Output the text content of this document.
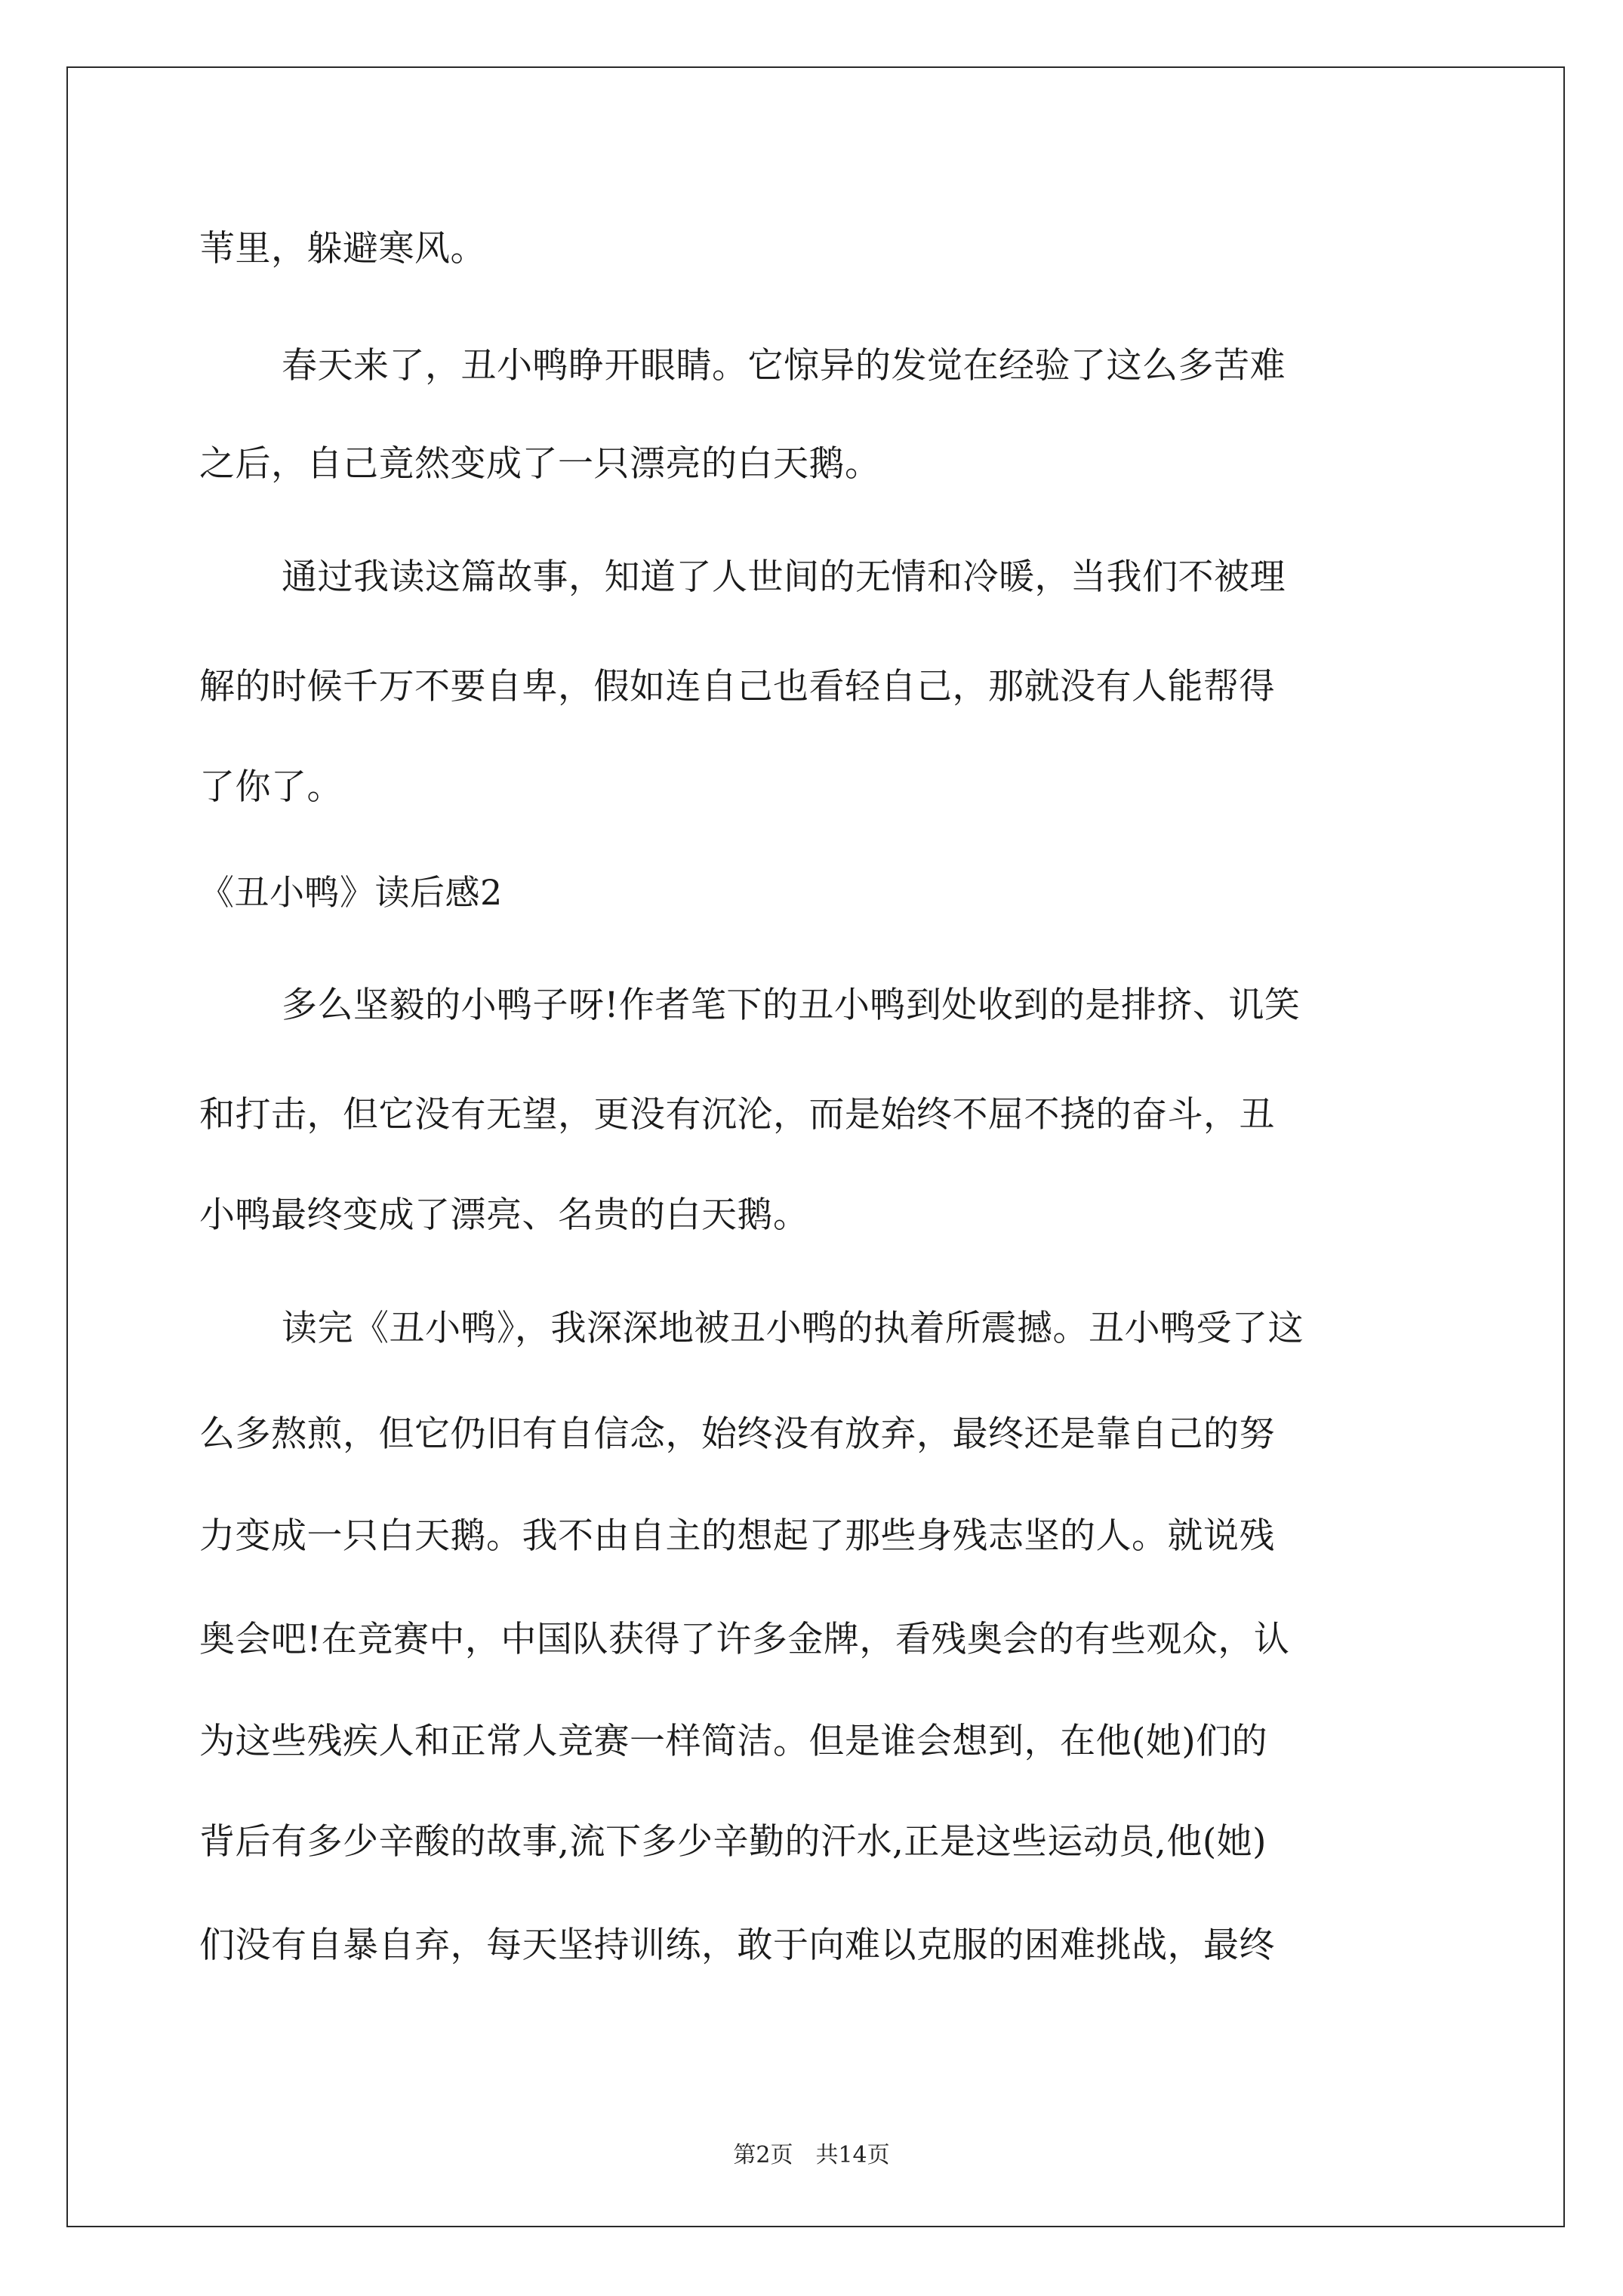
苇里，躲避寒风。
春天来了，丑小鸭睁开眼睛。它惊异的发觉在经验了这么多苦难
之后，自己竟然变成了一只漂亮的白天鹅。
通过我读这篇故事，知道了人世间的无情和冷暖，当我们不被理
解的时候千万不要自卑，假如连自己也看轻自己，那就没有人能帮得
了你了。
《丑小鸭》读后感2
多么坚毅的小鸭子呀!作者笔下的丑小鸭到处收到的是排挤、讥笑
和打击，但它没有无望，更没有沉沦，而是始终不屈不挠的奋斗，丑
小鸭最终变成了漂亮、名贵的白天鹅。
读完《丑小鸭》，我深深地被丑小鸭的执着所震撼。丑小鸭受了这
么多熬煎，但它仍旧有自信念，始终没有放弃，最终还是靠自己的努
力变成一只白天鹅。我不由自主的想起了那些身残志坚的人。就说残
奥会吧!在竞赛中，中国队获得了许多金牌，看残奥会的有些观众，认
为这些残疾人和正常人竞赛一样简洁。但是谁会想到，在他(她)们的
背后有多少辛酸的故事,流下多少辛勤的汗水,正是这些运动员,他(她)
们没有自暴自弃，每天坚持训练，敢于向难以克服的困难挑战，最终
第2页　共14页
